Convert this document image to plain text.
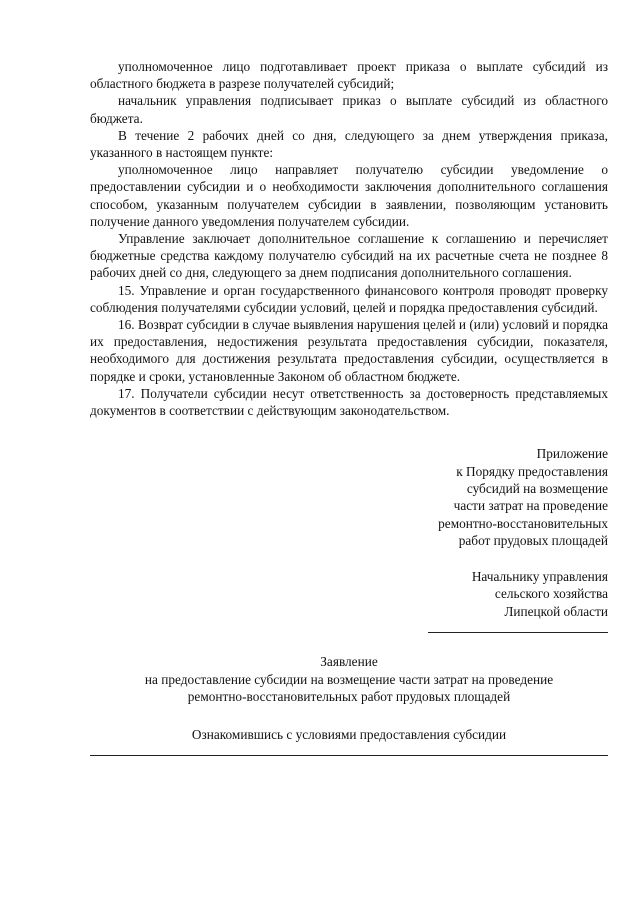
уполномоченное лицо подготавливает проект приказа о выплате субсидий из областного бюджета в разрезе получателей субсидий;

начальник управления подписывает приказ о выплате субсидий из областного бюджета.

В течение 2 рабочих дней со дня, следующего за днем утверждения приказа, указанного в настоящем пункте:

уполномоченное лицо направляет получателю субсидии уведомление о предоставлении субсидии и о необходимости заключения дополнительного соглашения способом, указанным получателем субсидии в заявлении, позволяющим установить получение данного уведомления получателем субсидии.

Управление заключает дополнительное соглашение к соглашению и перечисляет бюджетные средства каждому получателю субсидий на их расчетные счета не позднее 8 рабочих дней со дня, следующего за днем подписания дополнительного соглашения.

15. Управление и орган государственного финансового контроля проводят проверку соблюдения получателями субсидии условий, целей и порядка предоставления субсидий.

16. Возврат субсидии в случае выявления нарушения целей и (или) условий и порядка их предоставления, недостижения результата предоставления субсидии, показателя, необходимого для достижения результата предоставления субсидии, осуществляется в порядке и сроки, установленные Законом об областном бюджете.

17. Получатели субсидии несут ответственность за достоверность представляемых документов в соответствии с действующим законодательством.

Приложение
к Порядку предоставления
субсидий на возмещение
части затрат на проведение
ремонтно-восстановительных
работ прудовых площадей
Начальнику управления
сельского хозяйства
Липецкой области
Заявление
на предоставление субсидии на возмещение части затрат на проведение
ремонтно-восстановительных работ прудовых площадей
Ознакомившись с условиями предоставления субсидии
